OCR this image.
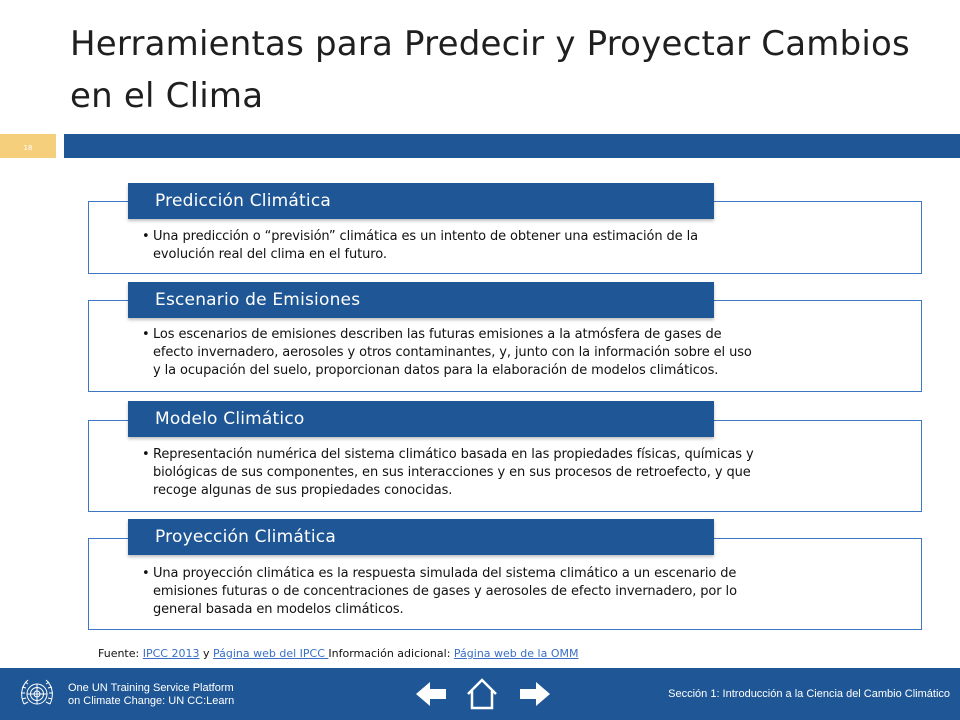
Herramientas para Predecir y Proyectar Cambios en el Clima
18
Predicción Climática
• Una predicción o “previsión” climática es un intento de obtener una estimación de la
evolución real del clima en el futuro.
Escenario de Emisiones
• Los escenarios de emisiones describen las futuras emisiones a la atmósfera de gases de
efecto invernadero, aerosoles y otros contaminantes, y, junto con la información sobre el uso
y la ocupación del suelo, proporcionan datos para la elaboración de modelos climáticos.
Modelo Climático
• Representación numérica del sistema climático basada en las propiedades físicas, químicas y
biológicas de sus componentes, en sus interacciones y en sus procesos de retroefecto, y que
recoge algunas de sus propiedades conocidas.
Proyección Climática
• Una proyección climática es la respuesta simulada del sistema climático a un escenario de
emisiones futuras o de concentraciones de gases y aerosoles de efecto invernadero, por lo
general basada en modelos climáticos.
Fuente: IPCC 2013 y Página web del IPCC Información adicional: Página web de la OMM
One UN Training Service Platform
on Climate Change: UN CC:Learn
Sección 1: Introducción a la Ciencia del Cambio Climático
